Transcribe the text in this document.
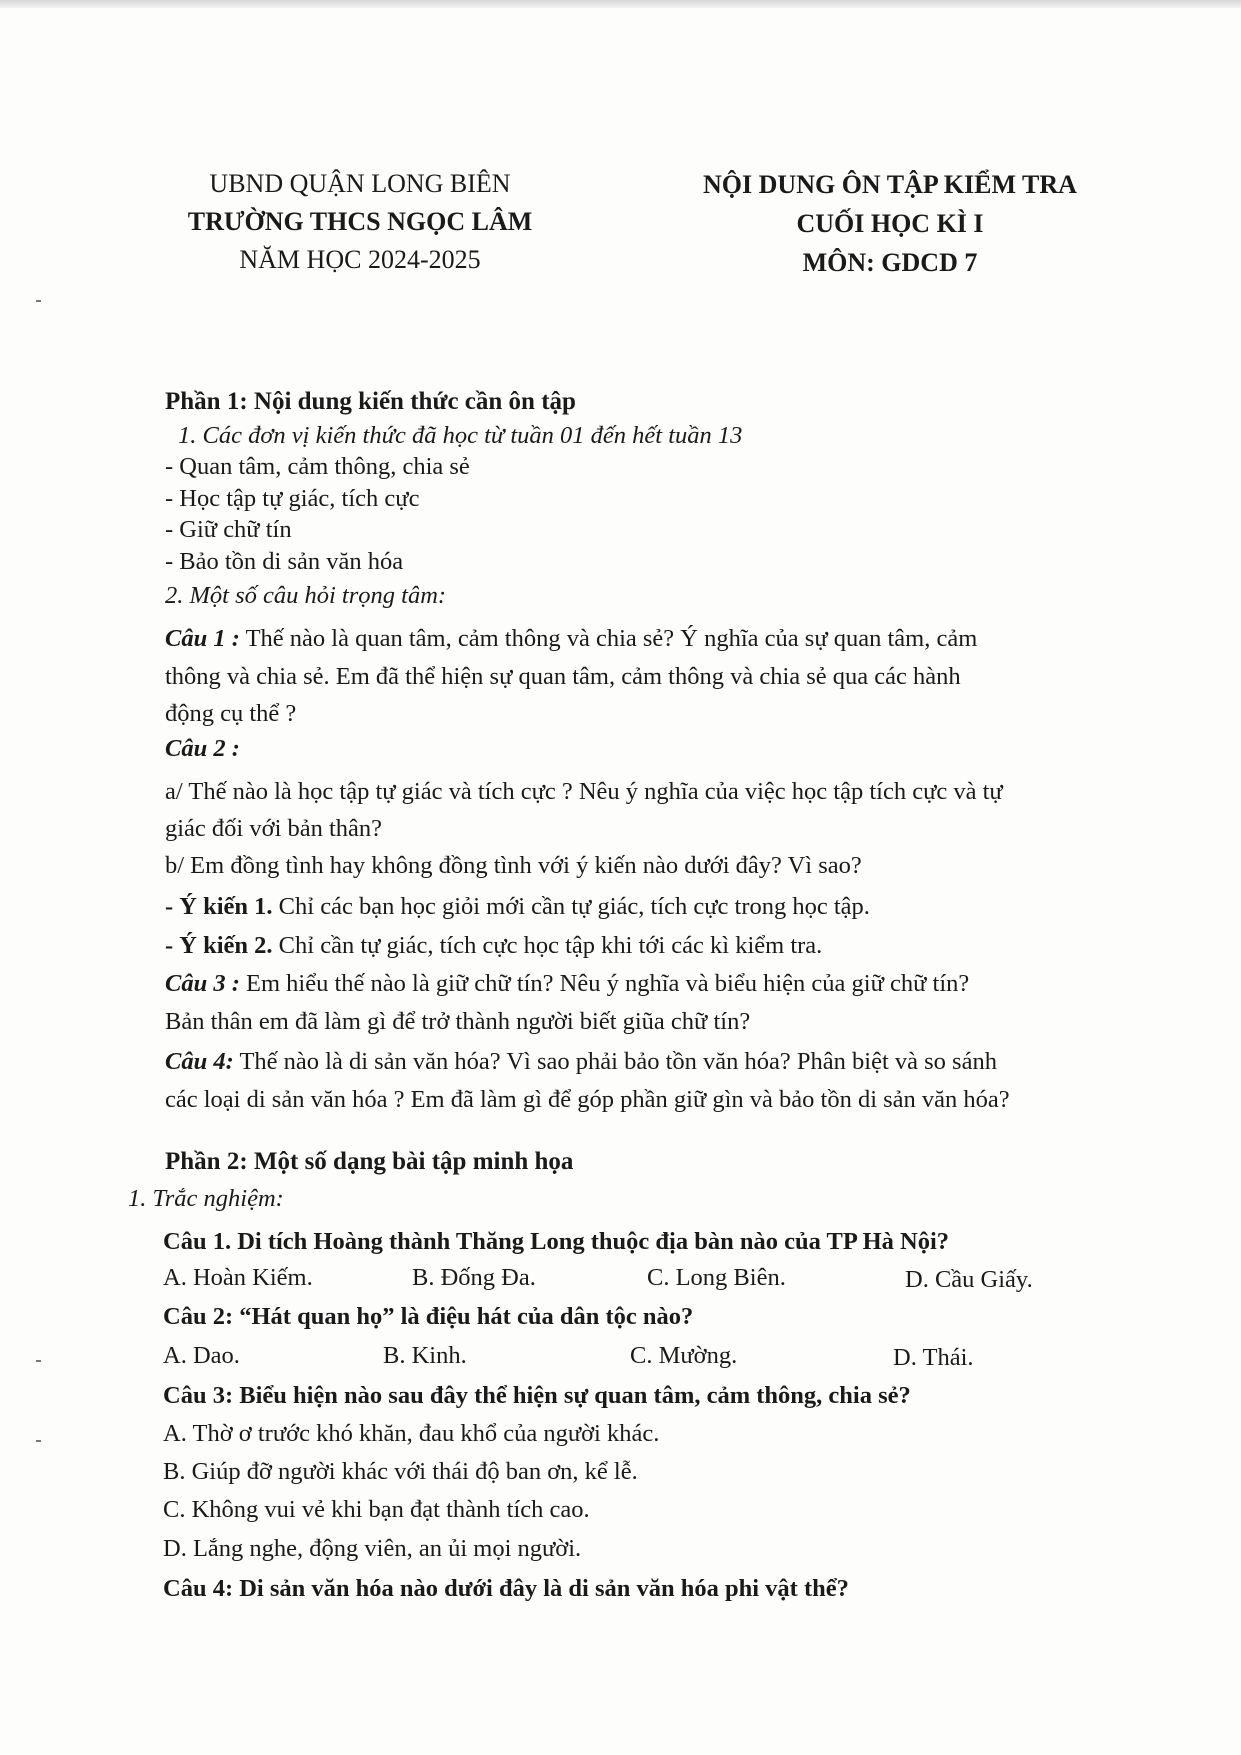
UBND QUẬN LONG BIÊN
TRƯỜNG THCS NGỌC LÂM
NĂM HỌC 2024-2025
NỘI DUNG ÔN TẬP KIỂM TRA
CUỐI HỌC KÌ I
MÔN: GDCD 7
Phần 1: Nội dung kiến thức cần ôn tập
1. Các đơn vị kiến thức đã học từ tuần 01 đến hết tuần 13
- Quan tâm, cảm thông, chia sẻ
- Học tập tự giác, tích cực
- Giữ chữ tín
- Bảo tồn di sản văn hóa
2. Một số câu hỏi trọng tâm:
Câu 1 : Thế nào là quan tâm, cảm thông và chia sẻ? Ý nghĩa của sự quan tâm, cảm
thông và chia sẻ. Em đã thể hiện sự quan tâm, cảm thông và chia sẻ qua các hành
động cụ thể ?
Câu 2 :
a/ Thế nào là học tập tự giác và tích cực ? Nêu ý nghĩa của việc học tập tích cực và tự
giác đối với bản thân?
b/ Em đồng tình hay không đồng tình với ý kiến nào dưới đây? Vì sao?
- Ý kiến 1. Chỉ các bạn học giỏi mới cần tự giác, tích cực trong học tập.
- Ý kiến 2. Chỉ cần tự giác, tích cực học tập khi tới các kì kiểm tra.
Câu 3 : Em hiểu thế nào là giữ chữ tín? Nêu ý nghĩa và biểu hiện của giữ chữ tín?
Bản thân em đã làm gì để trở thành người biết giũa chữ tín?
Câu 4: Thế nào là di sản văn hóa? Vì sao phải bảo tồn văn hóa? Phân biệt và so sánh
các loại di sản văn hóa ? Em đã làm gì để góp phần giữ gìn và bảo tồn di sản văn hóa?
Phần 2: Một số dạng bài tập minh họa
1. Trắc nghiệm:
Câu 1. Di tích Hoàng thành Thăng Long thuộc địa bàn nào của TP Hà Nội?
A. Hoàn Kiếm.	B. Đống Đa.	C. Long Biên.	D. Cầu Giấy.
Câu 2: “Hát quan họ” là điệu hát của dân tộc nào?
A. Dao.	B. Kinh.	C. Mường.	D. Thái.
Câu 3: Biểu hiện nào sau đây thể hiện sự quan tâm, cảm thông, chia sẻ?
A. Thờ ơ trước khó khăn, đau khổ của người khác.
B. Giúp đỡ người khác với thái độ ban ơn, kể lễ.
C. Không vui vẻ khi bạn đạt thành tích cao.
D. Lắng nghe, động viên, an ủi mọi người.
Câu 4: Di sản văn hóa nào dưới đây là di sản văn hóa phi vật thể?
